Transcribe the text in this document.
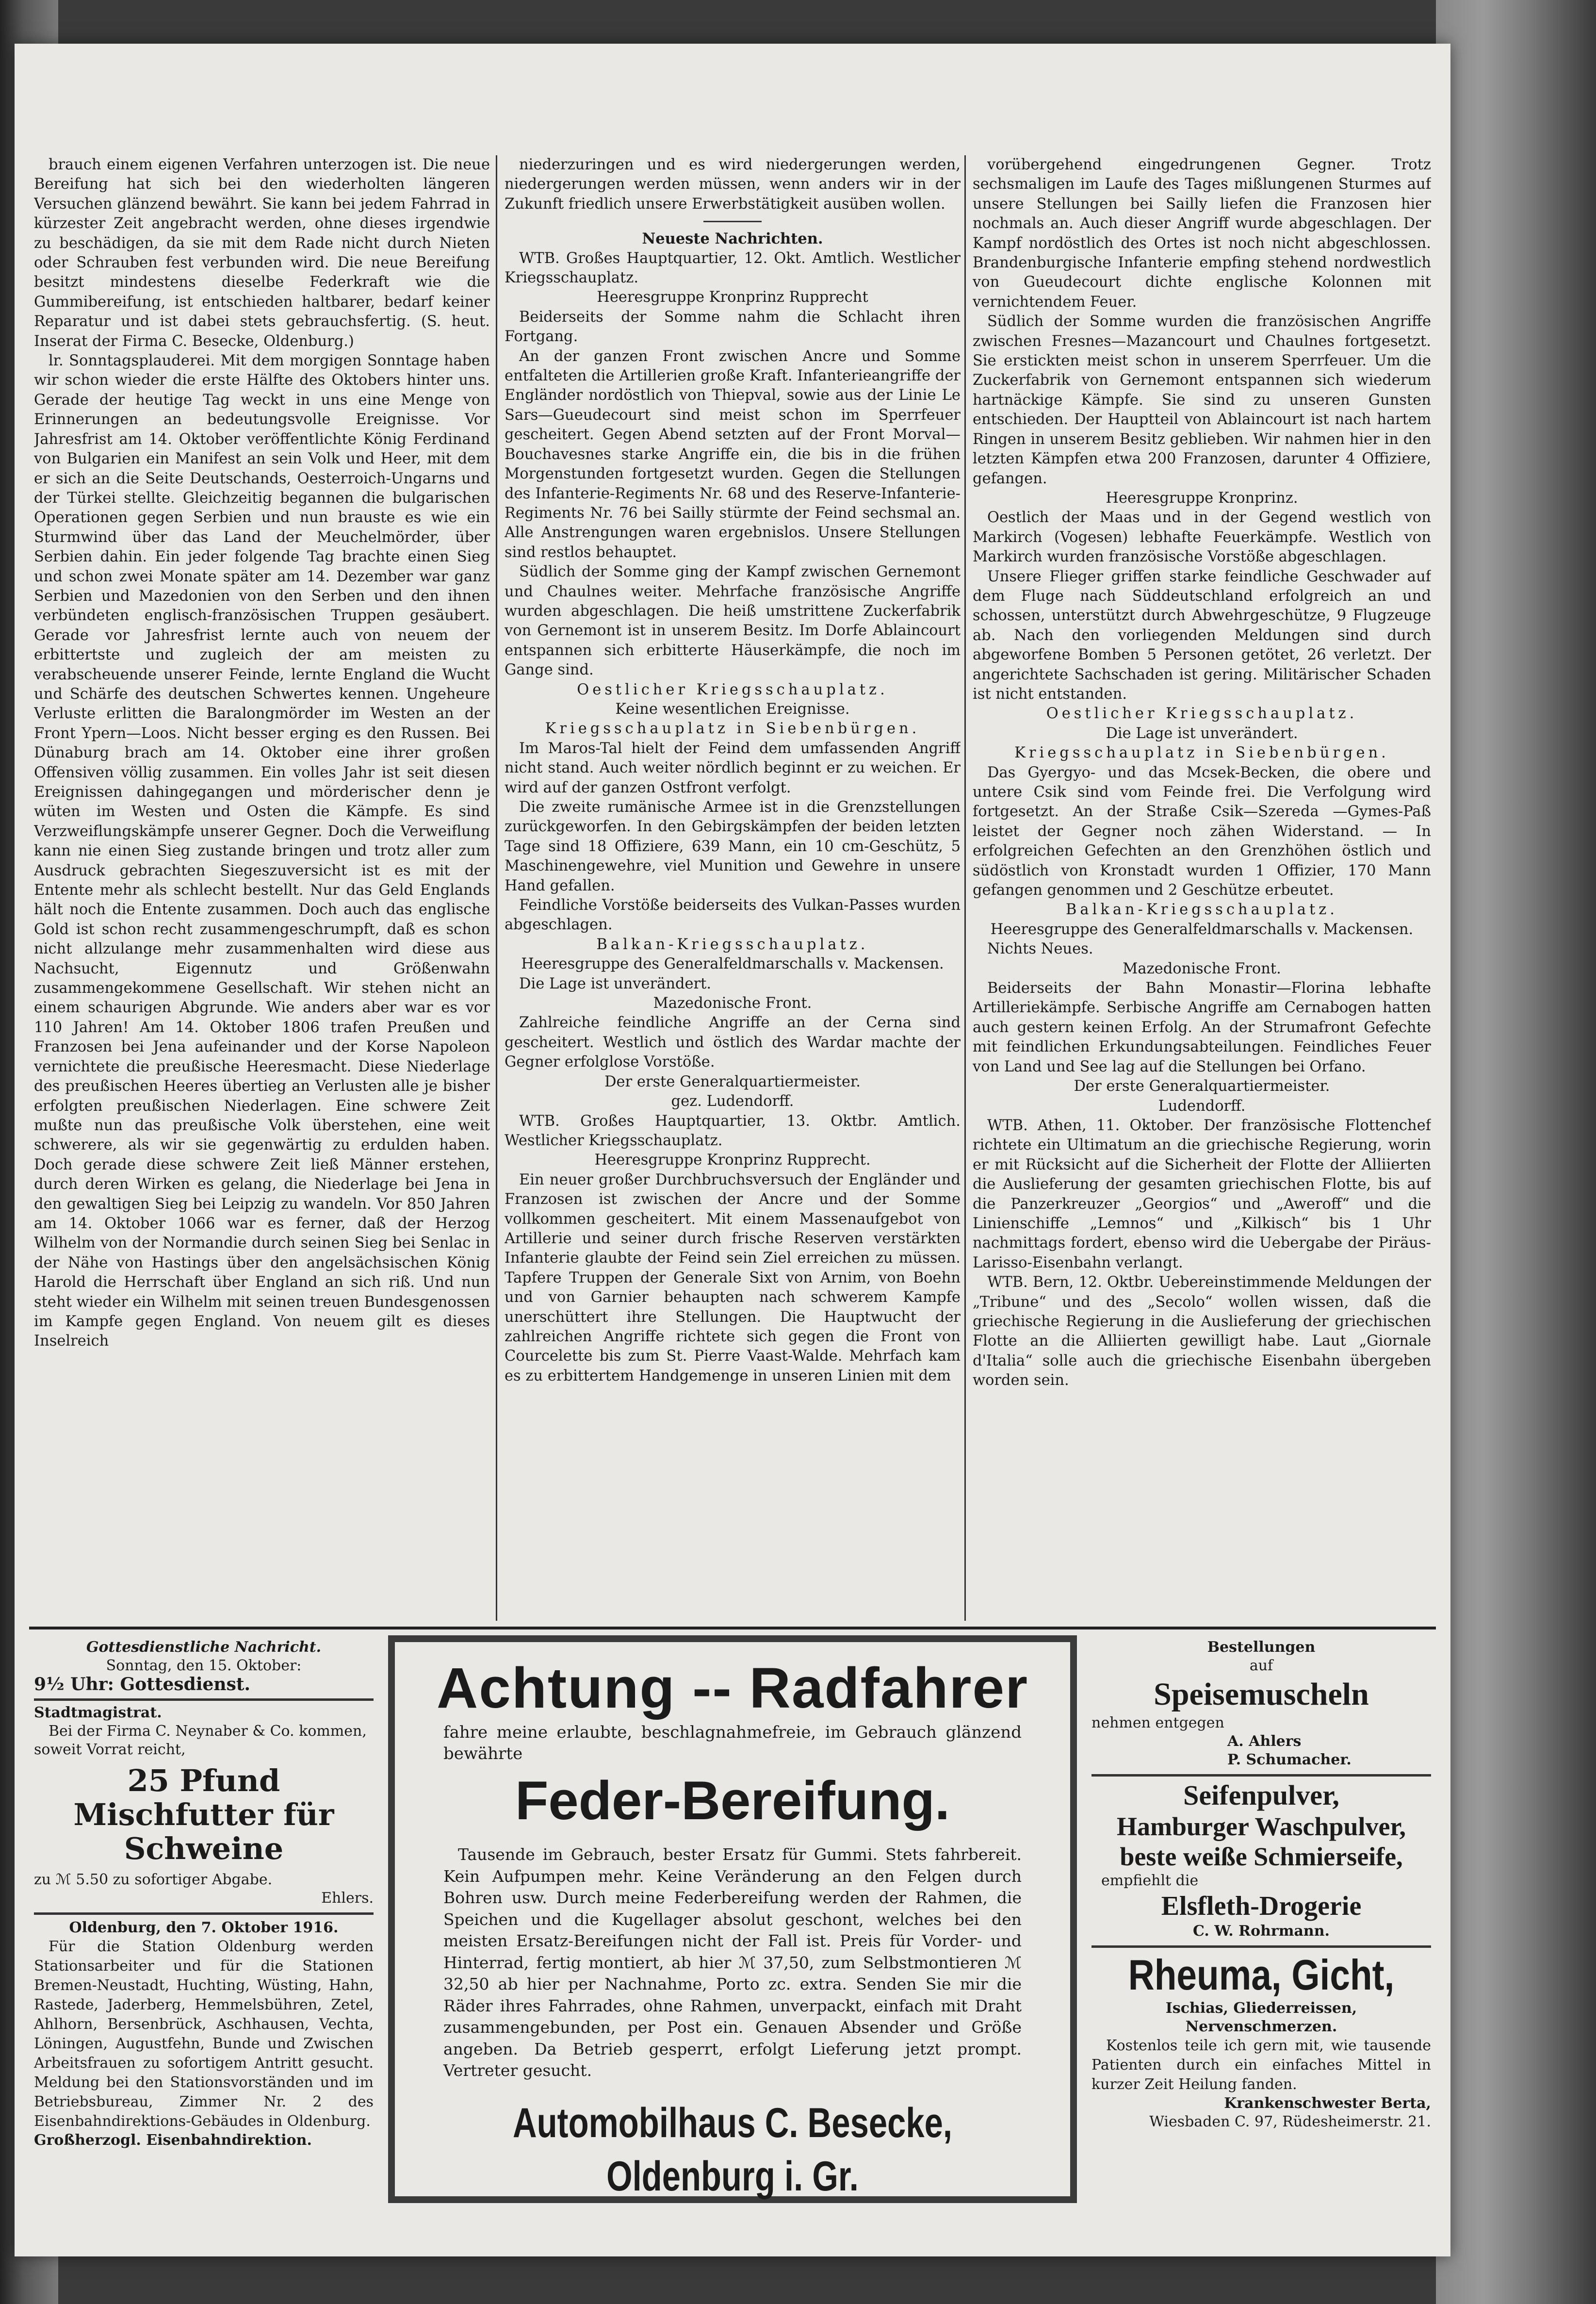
brauch einem eigenen Verfahren unterzogen ist. Die neue Bereifung hat sich bei den wiederholten längeren Versuchen glänzend bewährt. Sie kann bei jedem Fahrrad in kürzester Zeit angebracht werden, ohne dieses irgendwie zu beschädigen, da sie mit dem Rade nicht durch Nieten oder Schrauben fest verbunden wird. Die neue Bereifung besitzt mindestens dieselbe Federkraft wie die Gummibereifung, ist entschieden haltbarer, bedarf keiner Reparatur und ist dabei stets gebrauchsfertig. (S. heut. Inserat der Firma C. Besecke, Oldenburg.)

lr. Sonntagsplauderei. Mit dem morgigen Sonntage haben wir schon wieder die erste Hälfte des Oktobers hinter uns. Gerade der heutige Tag weckt in uns eine Menge von Erinnerungen an bedeutungsvolle Ereignisse. Vor Jahresfrist am 14. Oktober veröffentlichte König Ferdinand von Bulgarien ein Manifest an sein Volk und Heer, mit dem er sich an die Seite Deutschands, Oesterroich-Ungarns und der Türkei stellte. Gleichzeitig begannen die bulgarischen Operationen gegen Serbien und nun brauste es wie ein Sturmwind über das Land der Meuchelmörder, über Serbien dahin. Ein jeder folgende Tag brachte einen Sieg und schon zwei Monate später am 14. Dezember war ganz Serbien und Mazedonien von den Serben und den ihnen verbündeten englisch-französischen Truppen gesäubert. Gerade vor Jahresfrist lernte auch von neuem der erbittertste und zugleich der am meisten zu verabscheuende unserer Feinde, lernte England die Wucht und Schärfe des deutschen Schwertes kennen. Ungeheure Verluste erlitten die Baralongmörder im Westen an der Front Ypern—Loos. Nicht besser erging es den Russen. Bei Dünaburg brach am 14. Oktober eine ihrer großen Offensiven völlig zusammen. Ein volles Jahr ist seit diesen Ereignissen dahingegangen und mörderischer denn je wüten im Westen und Osten die Kämpfe. Es sind Verzweiflungskämpfe unserer Gegner. Doch die Verweiflung kann nie einen Sieg zustande bringen und trotz aller zum Ausdruck gebrachten Siegeszuversicht ist es mit der Entente mehr als schlecht bestellt. Nur das Geld Englands hält noch die Entente zusammen. Doch auch das englische Gold ist schon recht zusammengeschrumpft, daß es schon nicht allzulange mehr zusammenhalten wird diese aus Nachsucht, Eigennutz und Größenwahn zusammengekommene Gesellschaft. Wir stehen nicht an einem schaurigen Abgrunde. Wie anders aber war es vor 110 Jahren! Am 14. Oktober 1806 trafen Preußen und Franzosen bei Jena aufeinander und der Korse Napoleon vernichtete die preußische Heeresmacht. Diese Niederlage des preußischen Heeres übertieg an Verlusten alle je bisher erfolgten preußischen Niederlagen. Eine schwere Zeit mußte nun das preußische Volk überstehen, eine weit schwerere, als wir sie gegenwärtig zu erdulden haben. Doch gerade diese schwere Zeit ließ Männer erstehen, durch deren Wirken es gelang, die Niederlage bei Jena in den gewaltigen Sieg bei Leipzig zu wandeln. Vor 850 Jahren am 14. Oktober 1066 war es ferner, daß der Herzog Wilhelm von der Normandie durch seinen Sieg bei Senlac in der Nähe von Hastings über den angelsächsischen König Harold die Herrschaft über England an sich riß. Und nun steht wieder ein Wilhelm mit seinen treuen Bundesgenossen im Kampfe gegen England. Von neuem gilt es dieses Inselreich

niederzuringen und es wird niedergerungen werden, niedergerungen werden müssen, wenn anders wir in der Zukunft friedlich unsere Erwerbstätigkeit ausüben wollen.

Neueste Nachrichten.

WTB. Großes Hauptquartier, 12. Okt. Amtlich. Westlicher Kriegsschauplatz.

Heeresgruppe Kronprinz Rupprecht

Beiderseits der Somme nahm die Schlacht ihren Fortgang.

An der ganzen Front zwischen Ancre und Somme entfalteten die Artillerien große Kraft. Infanterieangriffe der Engländer nordöstlich von Thiepval, sowie aus der Linie Le Sars—Gueudecourt sind meist schon im Sperrfeuer gescheitert. Gegen Abend setzten auf der Front Morval—Bouchavesnes starke Angriffe ein, die bis in die frühen Morgenstunden fortgesetzt wurden. Gegen die Stellungen des Infanterie-Regiments Nr. 68 und des Reserve-Infanterie-Regiments Nr. 76 bei Sailly stürmte der Feind sechsmal an. Alle Anstrengungen waren ergebnislos. Unsere Stellungen sind restlos behauptet.

Südlich der Somme ging der Kampf zwischen Gernemont und Chaulnes weiter. Mehrfache französische Angriffe wurden abgeschlagen. Die heiß umstrittene Zuckerfabrik von Gernemont ist in unserem Besitz. Im Dorfe Ablaincourt entspannen sich erbitterte Häuserkämpfe, die noch im Gange sind.

Oestlicher Kriegsschauplatz.

Keine wesentlichen Ereignisse.

Kriegsschauplatz in Siebenbürgen.

Im Maros-Tal hielt der Feind dem umfassenden Angriff nicht stand. Auch weiter nördlich beginnt er zu weichen. Er wird auf der ganzen Ostfront verfolgt.

Die zweite rumänische Armee ist in die Grenzstellungen zurückgeworfen. In den Gebirgskämpfen der beiden letzten Tage sind 18 Offiziere, 639 Mann, ein 10 cm-Geschütz, 5 Maschinengewehre, viel Munition und Gewehre in unsere Hand gefallen.

Feindliche Vorstöße beiderseits des Vulkan-Passes wurden abgeschlagen.

Balkan-Kriegsschauplatz.

Heeresgruppe des Generalfeldmarschalls v. Mackensen.

Die Lage ist unverändert.

Mazedonische Front.

Zahlreiche feindliche Angriffe an der Cerna sind gescheitert. Westlich und östlich des Wardar machte der Gegner erfolglose Vorstöße.

Der erste Generalquartiermeister.

gez. Ludendorff.

WTB. Großes Hauptquartier, 13. Oktbr. Amtlich. Westlicher Kriegsschauplatz.

Heeresgruppe Kronprinz Rupprecht.

Ein neuer großer Durchbruchsversuch der Engländer und Franzosen ist zwischen der Ancre und der Somme vollkommen gescheitert. Mit einem Massenaufgebot von Artillerie und seiner durch frische Reserven verstärkten Infanterie glaubte der Feind sein Ziel erreichen zu müssen. Tapfere Truppen der Generale Sixt von Arnim, von Boehn und von Garnier behaupten nach schwerem Kampfe unerschüttert ihre Stellungen. Die Hauptwucht der zahlreichen Angriffe richtete sich gegen die Front von Courcelette bis zum St. Pierre Vaast-Walde. Mehrfach kam es zu erbittertem Handgemenge in unseren Linien mit dem

vorübergehend eingedrungenen Gegner. Trotz sechsmaligen im Laufe des Tages mißlungenen Sturmes auf unsere Stellungen bei Sailly liefen die Franzosen hier nochmals an. Auch dieser Angriff wurde abgeschlagen. Der Kampf nordöstlich des Ortes ist noch nicht abgeschlossen. Brandenburgische Infanterie empfing stehend nordwestlich von Gueudecourt dichte englische Kolonnen mit vernichtendem Feuer.

Südlich der Somme wurden die französischen Angriffe zwischen Fresnes—Mazancourt und Chaulnes fortgesetzt. Sie erstickten meist schon in unserem Sperrfeuer. Um die Zuckerfabrik von Gernemont entspannen sich wiederum hartnäckige Kämpfe. Sie sind zu unseren Gunsten entschieden. Der Hauptteil von Ablaincourt ist nach hartem Ringen in unserem Besitz geblieben. Wir nahmen hier in den letzten Kämpfen etwa 200 Franzosen, darunter 4 Offiziere, gefangen.

Heeresgruppe Kronprinz.

Oestlich der Maas und in der Gegend westlich von Markirch (Vogesen) lebhafte Feuerkämpfe. Westlich von Markirch wurden französische Vorstöße abgeschlagen.

Unsere Flieger griffen starke feindliche Geschwader auf dem Fluge nach Süddeutschland erfolgreich an und schossen, unterstützt durch Abwehrgeschütze, 9 Flugzeuge ab. Nach den vorliegenden Meldungen sind durch abgeworfene Bomben 5 Personen getötet, 26 verletzt. Der angerichtete Sachschaden ist gering. Militärischer Schaden ist nicht entstanden.

Oestlicher Kriegsschauplatz.

Die Lage ist unverändert.

Kriegsschauplatz in Siebenbürgen.

Das Gyergyo- und das Mcsek-Becken, die obere und untere Csik sind vom Feinde frei. Die Verfolgung wird fortgesetzt. An der Straße Csik—Szereda —Gymes-Paß leistet der Gegner noch zähen Widerstand. — In erfolgreichen Gefechten an den Grenzhöhen östlich und südöstlich von Kronstadt wurden 1 Offizier, 170 Mann gefangen genommen und 2 Geschütze erbeutet.

Balkan-Kriegsschauplatz.

Heeresgruppe des Generalfeldmarschalls v. Mackensen.

Nichts Neues.

Mazedonische Front.

Beiderseits der Bahn Monastir—Florina lebhafte Artilleriekämpfe. Serbische Angriffe am Cernabogen hatten auch gestern keinen Erfolg. An der Strumafront Gefechte mit feindlichen Erkundungsabteilungen. Feindliches Feuer von Land und See lag auf die Stellungen bei Orfano.

Der erste Generalquartiermeister.

Ludendorff.

WTB. Athen, 11. Oktober. Der französische Flottenchef richtete ein Ultimatum an die griechische Regierung, worin er mit Rücksicht auf die Sicherheit der Flotte der Alliierten die Auslieferung der gesamten griechischen Flotte, bis auf die Panzerkreuzer „Georgios“ und „Aweroff“ und die Linienschiffe „Lemnos“ und „Kilkisch“ bis 1 Uhr nachmittags fordert, ebenso wird die Uebergabe der Piräus-Larisso-Eisenbahn verlangt.

WTB. Bern, 12. Oktbr. Uebereinstimmende Meldungen der „Tribune“ und des „Secolo“ wollen wissen, daß die griechische Regierung in die Auslieferung der griechischen Flotte an die Alliierten gewilligt habe. Laut „Giornale d'Italia“ solle auch die griechische Eisenbahn übergeben worden sein.

Gottesdienstliche Nachricht.
Sonntag, den 15. Oktober:
9½ Uhr: Gottesdienst.
Stadtmagistrat.
Bei der Firma C. Neynaber & Co. kommen, soweit Vorrat reicht,
25 Pfund Mischfutter für Schweine
zu ℳ 5.50 zu sofortiger Abgabe.
Ehlers.
Oldenburg, den 7. Oktober 1916.
Für die Station Oldenburg werden Stationsarbeiter und für die Stationen Bremen-Neustadt, Huchting, Wüsting, Hahn, Rastede, Jaderberg, Hemmelsbühren, Zetel, Ahlhorn, Bersenbrück, Aschhausen, Vechta, Löningen, Augustfehn, Bunde und Zwischen Arbeitsfrauen zu sofortigem Antritt gesucht. Meldung bei den Stationsvorständen und im Betriebsbureau, Zimmer Nr. 2 des Eisenbahndirektions-Gebäudes in Oldenburg.
Großherzogl. Eisenbahndirektion.
Achtung -- Radfahrer
fahre meine erlaubte, beschlagnahmefreie, im Gebrauch glänzend bewährte
Feder-Bereifung.
Tausende im Gebrauch, bester Ersatz für Gummi. Stets fahrbereit. Kein Aufpumpen mehr. Keine Veränderung an den Felgen durch Bohren usw. Durch meine Federbereifung werden der Rahmen, die Speichen und die Kugellager absolut geschont, welches bei den meisten Ersatz-Bereifungen nicht der Fall ist. Preis für Vorder- und Hinterrad, fertig montiert, ab hier ℳ 37,50, zum Selbstmontieren ℳ 32,50 ab hier per Nachnahme, Porto zc. extra. Senden Sie mir die Räder ihres Fahrrades, ohne Rahmen, unverpackt, einfach mit Draht zusammengebunden, per Post ein. Genauen Absender und Größe angeben. Da Betrieb gesperrt, erfolgt Lieferung jetzt prompt. Vertreter gesucht.
Automobilhaus C. Besecke, Oldenburg i. Gr.
Bestellungen
auf
Speisemuscheln
nehmen entgegen
A. Ahlers
P. Schumacher.
Seifenpulver,
Hamburger Waschpulver,
beste weiße Schmierseife,
empfiehlt die
Elsfleth-Drogerie
C. W. Rohrmann.
Rheuma, Gicht,
Ischias, Gliederreissen,
Nervenschmerzen.
Kostenlos teile ich gern mit, wie tausende Patienten durch ein einfaches Mittel in kurzer Zeit Heilung fanden.
Krankenschwester Berta,
Wiesbaden C. 97, Rüdesheimerstr. 21.
